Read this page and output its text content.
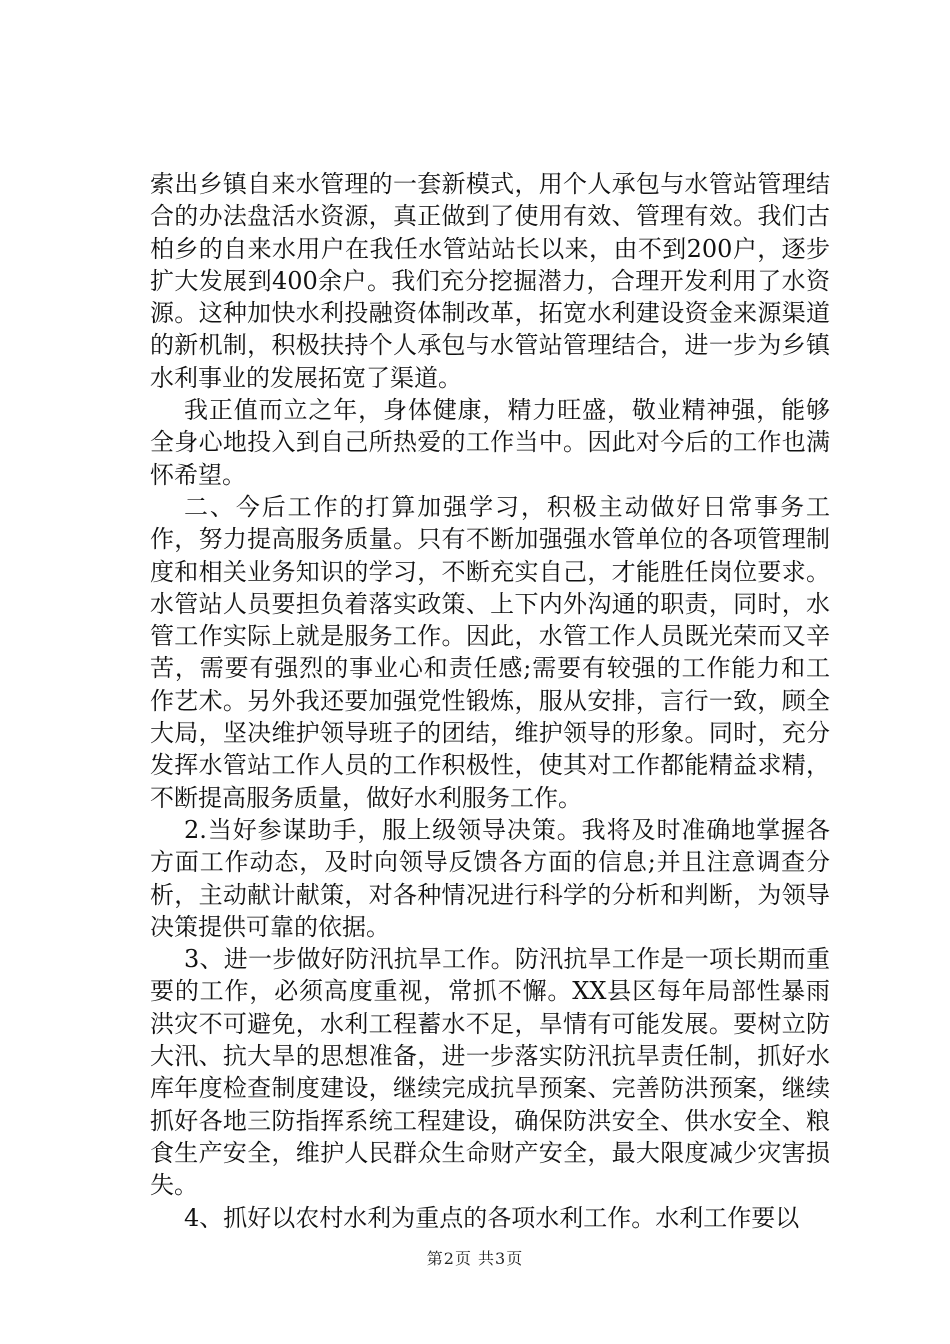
索出乡镇自来水管理的一套新模式，用个人承包与水管站管理结合的办法盘活水资源，真正做到了使用有效、管理有效。我们古柏乡的自来水用户在我任水管站站长以来，由不到200户，逐步扩大发展到400余户。我们充分挖掘潜力，合理开发利用了水资源。这种加快水利投融资体制改革，拓宽水利建设资金来源渠道的新机制，积极扶持个人承包与水管站管理结合，进一步为乡镇水利事业的发展拓宽了渠道。

我正值而立之年，身体健康，精力旺盛，敬业精神强，能够全身心地投入到自己所热爱的工作当中。因此对今后的工作也满怀希望。

二、今后工作的打算加强学习，积极主动做好日常事务工作，努力提高服务质量。只有不断加强强水管单位的各项管理制度和相关业务知识的学习，不断充实自己，才能胜任岗位要求。水管站人员要担负着落实政策、上下内外沟通的职责，同时，水管工作实际上就是服务工作。因此，水管工作人员既光荣而又辛苦，需要有强烈的事业心和责任感;需要有较强的工作能力和工作艺术。另外我还要加强党性锻炼，服从安排，言行一致，顾全大局，坚决维护领导班子的团结，维护领导的形象。同时，充分发挥水管站工作人员的工作积极性，使其对工作都能精益求精，不断提高服务质量，做好水利服务工作。

2.当好参谋助手，服上级领导决策。我将及时准确地掌握各方面工作动态，及时向领导反馈各方面的信息;并且注意调查分析，主动献计献策，对各种情况进行科学的分析和判断，为领导决策提供可靠的依据。

3、进一步做好防汛抗旱工作。防汛抗旱工作是一项长期而重要的工作，必须高度重视，常抓不懈。XX县区每年局部性暴雨洪灾不可避免，水利工程蓄水不足，旱情有可能发展。要树立防大汛、抗大旱的思想准备，进一步落实防汛抗旱责任制，抓好水库年度检查制度建设，继续完成抗旱预案、完善防洪预案，继续抓好各地三防指挥系统工程建设，确保防洪安全、供水安全、粮食生产安全，维护人民群众生命财产安全，最大限度减少灾害损失。

4、抓好以农村水利为重点的各项水利工作。水利工作要以

第2页 共3页
